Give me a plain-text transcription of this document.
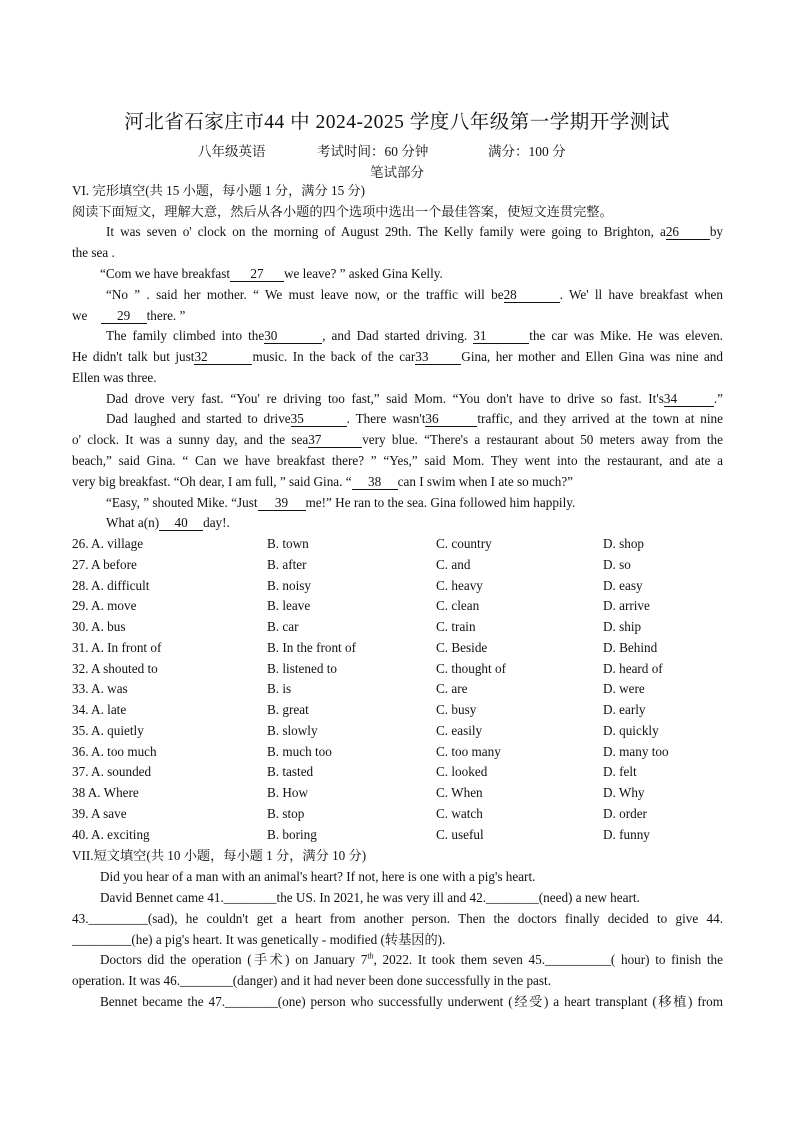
河北省石家庄市44 中 2024-2025 学度八年级第一学期开学测试
八年级英语	考试时间：60 分钟	满分：100 分
笔试部分
VI. 完形填空(共 15 小题，每小题 1 分，满分 15 分)
阅读下面短文，理解大意，然后从各小题的四个选项中选出一个最佳答案，使短文连贯完整。
It was seven o' clock on the morning of August 29th. The Kelly family were going to Brighton, a26 by
the sea .
“Com we have breakfast 27 we leave? ” asked Gina Kelly.
“No ” . said her mother. “ We must leave now, or the traffic will be28	. We' ll have breakfast when
we 29 there. ”
The family climbed into the30	, and Dad started driving. 31	the car was Mike. He was eleven.
He didn't talk but just32	music. In the back of the car33 Gina, her mother and Ellen Gina was nine and
Ellen was three.
Dad drove very fast. “You' re driving too fast,” said Mom. “You don't have to drive so fast. It's34	.”
Dad laughed and started to drive35	. There wasn't36	traffic, and they arrived at the town at nine
o' clock. It was a sunny day, and the sea37	very blue. “There's a restaurant about 50 meters away from the
beach,” said Gina. “ Can we have breakfast there? ” “Yes,” said Mom. They went into the restaurant, and ate a
very big breakfast. “Oh dear, I am full, ” said Gina. “ 38 can I swim when I ate so much?”
“Easy, ” shouted Mike. “Just 39 me!” He ran to the sea. Gina followed him happily.
What a(n) 40 day!.
26. A. village	B. town	C. country	D. shop
27. A before	B. after	C. and	D. so
28. A. difficult	B. noisy	C. heavy	D. easy
29. A. move	B. leave	C. clean	D. arrive
30. A. bus	B. car	C. train	D. ship
31. A. In front of	B. In the front of	C. Beside	D. Behind
32. A shouted to	B. listened to	C. thought of	D. heard of
33. A. was	B. is	C. are	D. were
34. A. late	B. great	C. busy	D. early
35. A. quietly	B. slowly	C. easily	D. quickly
36. A. too much	B. much too	C. too many	D. many too
37. A. sounded	B. tasted	C. looked	D. felt
38 A. Where	B. How	C. When	D. Why
39. A save	B. stop	C. watch	D. order
40. A. exciting	B. boring	C. useful	D. funny
VII.短文填空(共 10 小题，每小题 1 分，满分 10 分)
Did you hear of a man with an animal's heart? If not, here is one with a pig's heart.
David Bennet came 41.________the US. In 2021, he was very ill and 42.________(need) a new heart.
43._________(sad), he couldn't get a heart from another person. Then the doctors finally decided to give 44.
_________(he) a pig's heart. It was genetically - modified (转基因的).
Doctors did the operation (手术) on January 7th, 2022. It took them seven 45.__________( hour) to finish the
operation. It was 46.________(danger) and it had never been done successfully in the past.
Bennet became the 47.________(one) person who successfully underwent (经受) a heart transplant (移植) from
